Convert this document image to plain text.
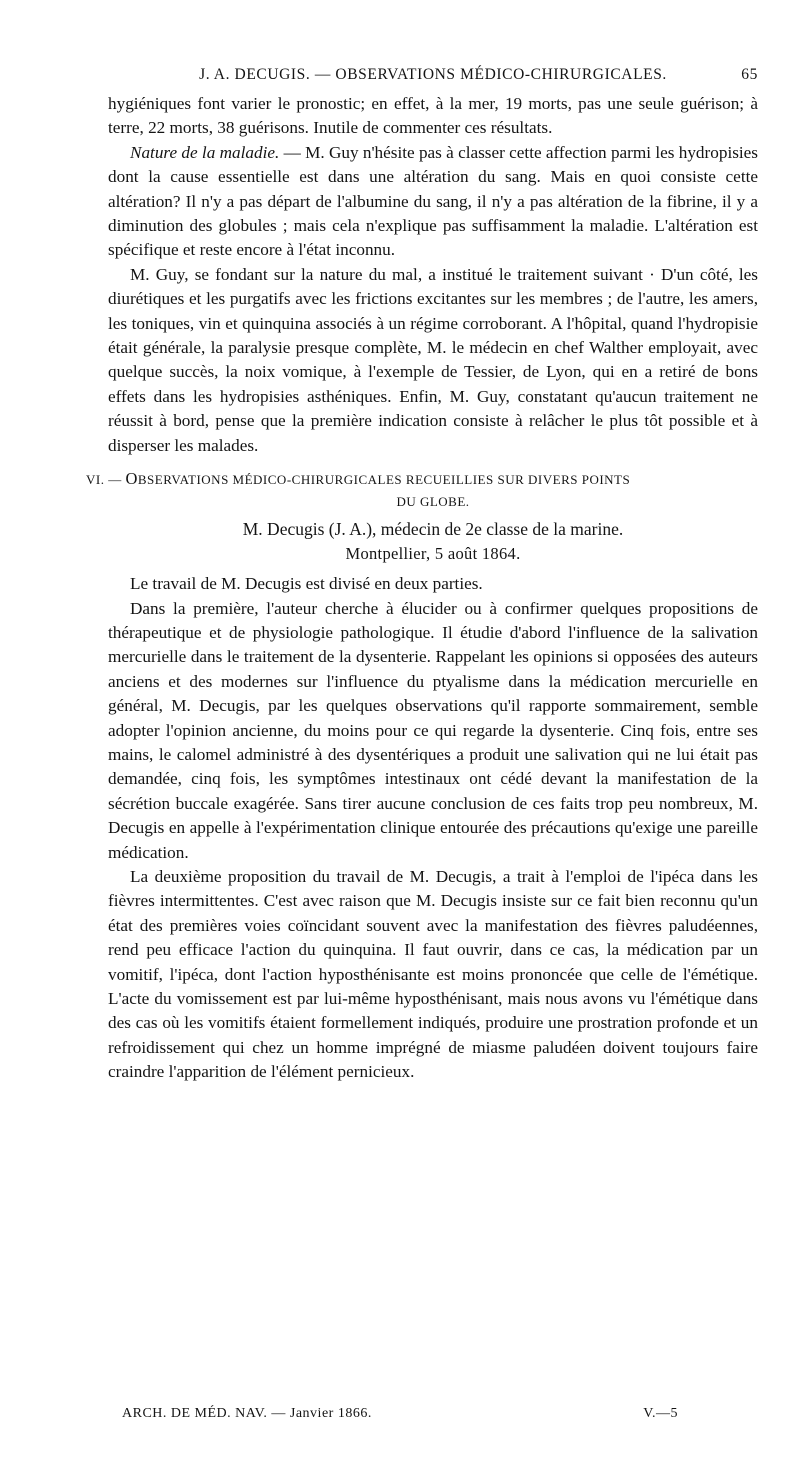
J. A. DECUGIS. — OBSERVATIONS MÉDICO-CHIRURGICALES.	65

hygiéniques font varier le pronostic; en effet, à la mer, 19 morts, pas une seule guérison; à terre, 22 morts, 38 guérisons. Inutile de commenter ces résultats.

Nature de la maladie. — M. Guy n'hésite pas à classer cette affection parmi les hydropisies dont la cause essentielle est dans une altération du sang. Mais en quoi consiste cette altération? Il n'y a pas départ de l'albumine du sang, il n'y a pas altération de la fibrine, il y a diminution des globules ; mais cela n'explique pas suffisamment la maladie. L'altération est spécifique et reste encore à l'état inconnu.

M. Guy, se fondant sur la nature du mal, a institué le traitement suivant · D'un côté, les diurétiques et les purgatifs avec les frictions excitantes sur les membres ; de l'autre, les amers, les toniques, vin et quinquina associés à un régime corroborant. A l'hôpital, quand l'hydropisie était générale, la paralysie presque complète, M. le médecin en chef Walther employait, avec quelque succès, la noix vomique, à l'exemple de Tessier, de Lyon, qui en a retiré de bons effets dans les hydropisies asthéniques. Enfin, M. Guy, constatant qu'aucun traitement ne réussit à bord, pense que la première indication consiste à relâcher le plus tôt possible et à disperser les malades.

VI. — OBSERVATIONS MÉDICO-CHIRURGICALES RECUEILLIES SUR DIVERS POINTS
DU GLOBE.
M. Decugis (J. A.), médecin de 2e classe de la marine.
Montpellier, 5 août 1864.

Le travail de M. Decugis est divisé en deux parties.

Dans la première, l'auteur cherche à élucider ou à confirmer quelques propositions de thérapeutique et de physiologie pathologique. Il étudie d'abord l'influence de la salivation mercurielle dans le traitement de la dysenterie. Rappelant les opinions si opposées des auteurs anciens et des modernes sur l'influence du ptyalisme dans la médication mercurielle en général, M. Decugis, par les quelques observations qu'il rapporte sommairement, semble adopter l'opinion ancienne, du moins pour ce qui regarde la dysenterie. Cinq fois, entre ses mains, le calomel administré à des dysentériques a produit une salivation qui ne lui était pas demandée, cinq fois, les symptômes intestinaux ont cédé devant la manifestation de la sécrétion buccale exagérée. Sans tirer aucune conclusion de ces faits trop peu nombreux, M. Decugis en appelle à l'expérimentation clinique entourée des précautions qu'exige une pareille médication.

La deuxième proposition du travail de M. Decugis, a trait à l'emploi de l'ipéca dans les fièvres intermittentes. C'est avec raison que M. Decugis insiste sur ce fait bien reconnu qu'un état des premières voies coïncidant souvent avec la manifestation des fièvres paludéennes, rend peu efficace l'action du quinquina. Il faut ouvrir, dans ce cas, la médication par un vomitif, l'ipéca, dont l'action hyposthénisante est moins prononcée que celle de l'émétique. L'acte du vomissement est par lui-même hyposthénisant, mais nous avons vu l'émétique dans des cas où les vomitifs étaient formellement indiqués, produire une prostration profonde et un refroidissement qui chez un homme imprégné de miasme paludéen doivent toujours faire craindre l'apparition de l'élément pernicieux.

ARCH. DE MÉD. NAV. — Janvier 1866.	V.—5
